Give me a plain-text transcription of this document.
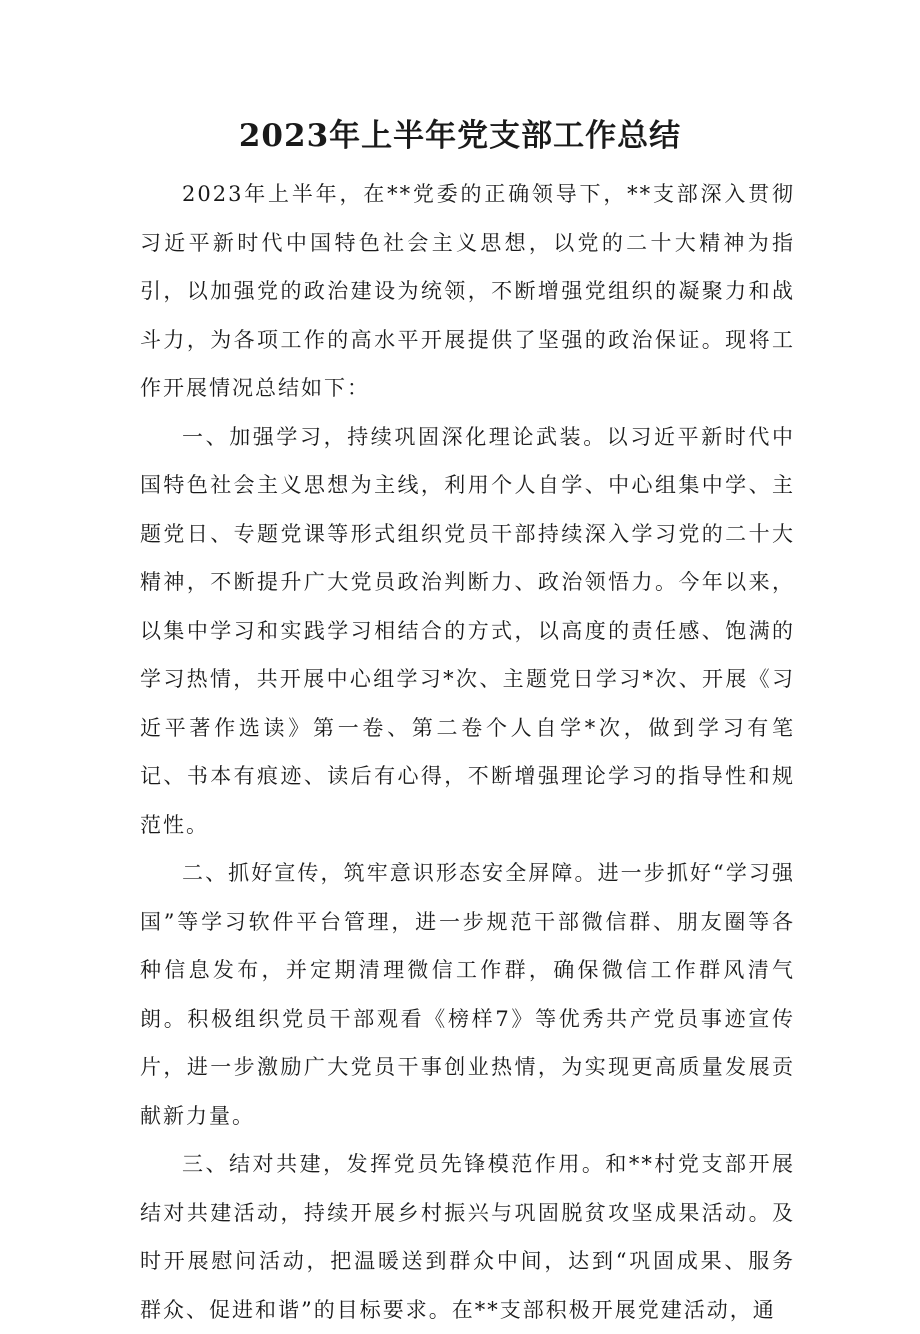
2023年上半年党支部工作总结

2023年上半年，在**党委的正确领导下，**支部深入贯彻习近平新时代中国特色社会主义思想，以党的二十大精神为指引，以加强党的政治建设为统领，不断增强党组织的凝聚力和战斗力，为各项工作的高水平开展提供了坚强的政治保证。现将工作开展情况总结如下：

一、加强学习，持续巩固深化理论武装。以习近平新时代中国特色社会主义思想为主线，利用个人自学、中心组集中学、主题党日、专题党课等形式组织党员干部持续深入学习党的二十大精神，不断提升广大党员政治判断力、政治领悟力。今年以来，以集中学习和实践学习相结合的方式，以高度的责任感、饱满的学习热情，共开展中心组学习*次、主题党日学习*次、开展《习近平著作选读》第一卷、第二卷个人自学*次，做到学习有笔记、书本有痕迹、读后有心得，不断增强理论学习的指导性和规范性。

二、抓好宣传，筑牢意识形态安全屏障。进一步抓好“学习强国”等学习软件平台管理，进一步规范干部微信群、朋友圈等各种信息发布，并定期清理微信工作群，确保微信工作群风清气朗。积极组织党员干部观看《榜样7》等优秀共产党员事迹宣传片，进一步激励广大党员干事创业热情，为实现更高质量发展贡献新力量。

三、结对共建，发挥党员先锋模范作用。和**村党支部开展结对共建活动，持续开展乡村振兴与巩固脱贫攻坚成果活动。及时开展慰问活动，把温暖送到群众中间，达到“巩固成果、服务群众、促进和谐”的目标要求。在**支部积极开展党建活动，通
